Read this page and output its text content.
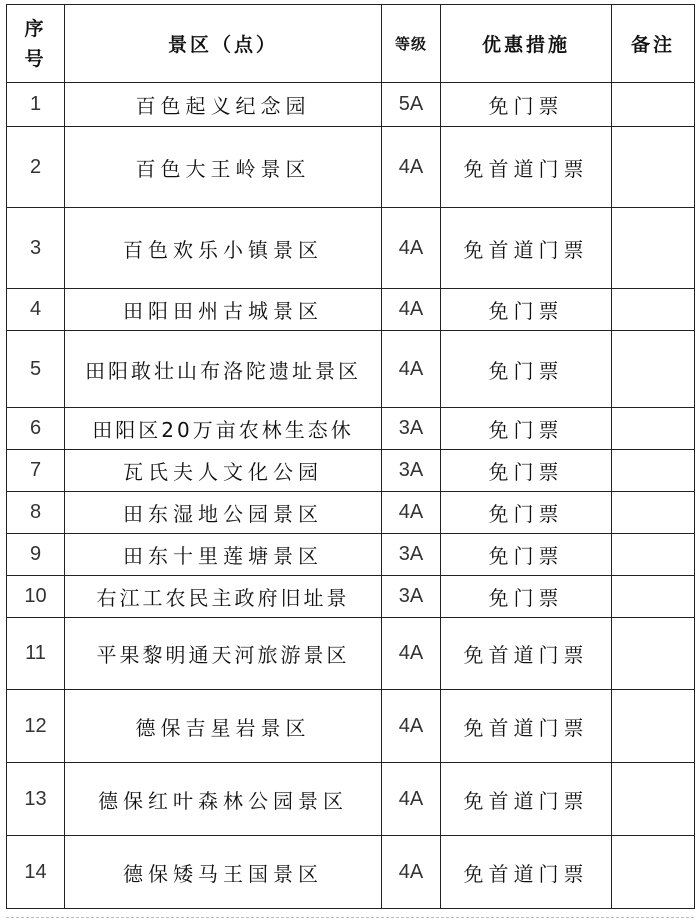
序
号	景区（点）	等级	优惠措施	备注
1	百色起义纪念园	5A	免门票	
2	百色大王岭景区	4A	免首道门票	
3	百色欢乐小镇景区	4A	免首道门票	
4	田阳田州古城景区	4A	免门票	
5	田阳敢壮山布洛陀遗址景区	4A	免门票	
6	田阳区20万亩农林生态休	3A	免门票	
7	瓦氏夫人文化公园	3A	免门票	
8	田东湿地公园景区	4A	免门票	
9	田东十里莲塘景区	3A	免门票	
10	右江工农民主政府旧址景	3A	免门票	
11	平果黎明通天河旅游景区	4A	免首道门票	
12	德保吉星岩景区	4A	免首道门票	
13	德保红叶森林公园景区	4A	免首道门票	
14	德保矮马王国景区	4A	免首道门票	
